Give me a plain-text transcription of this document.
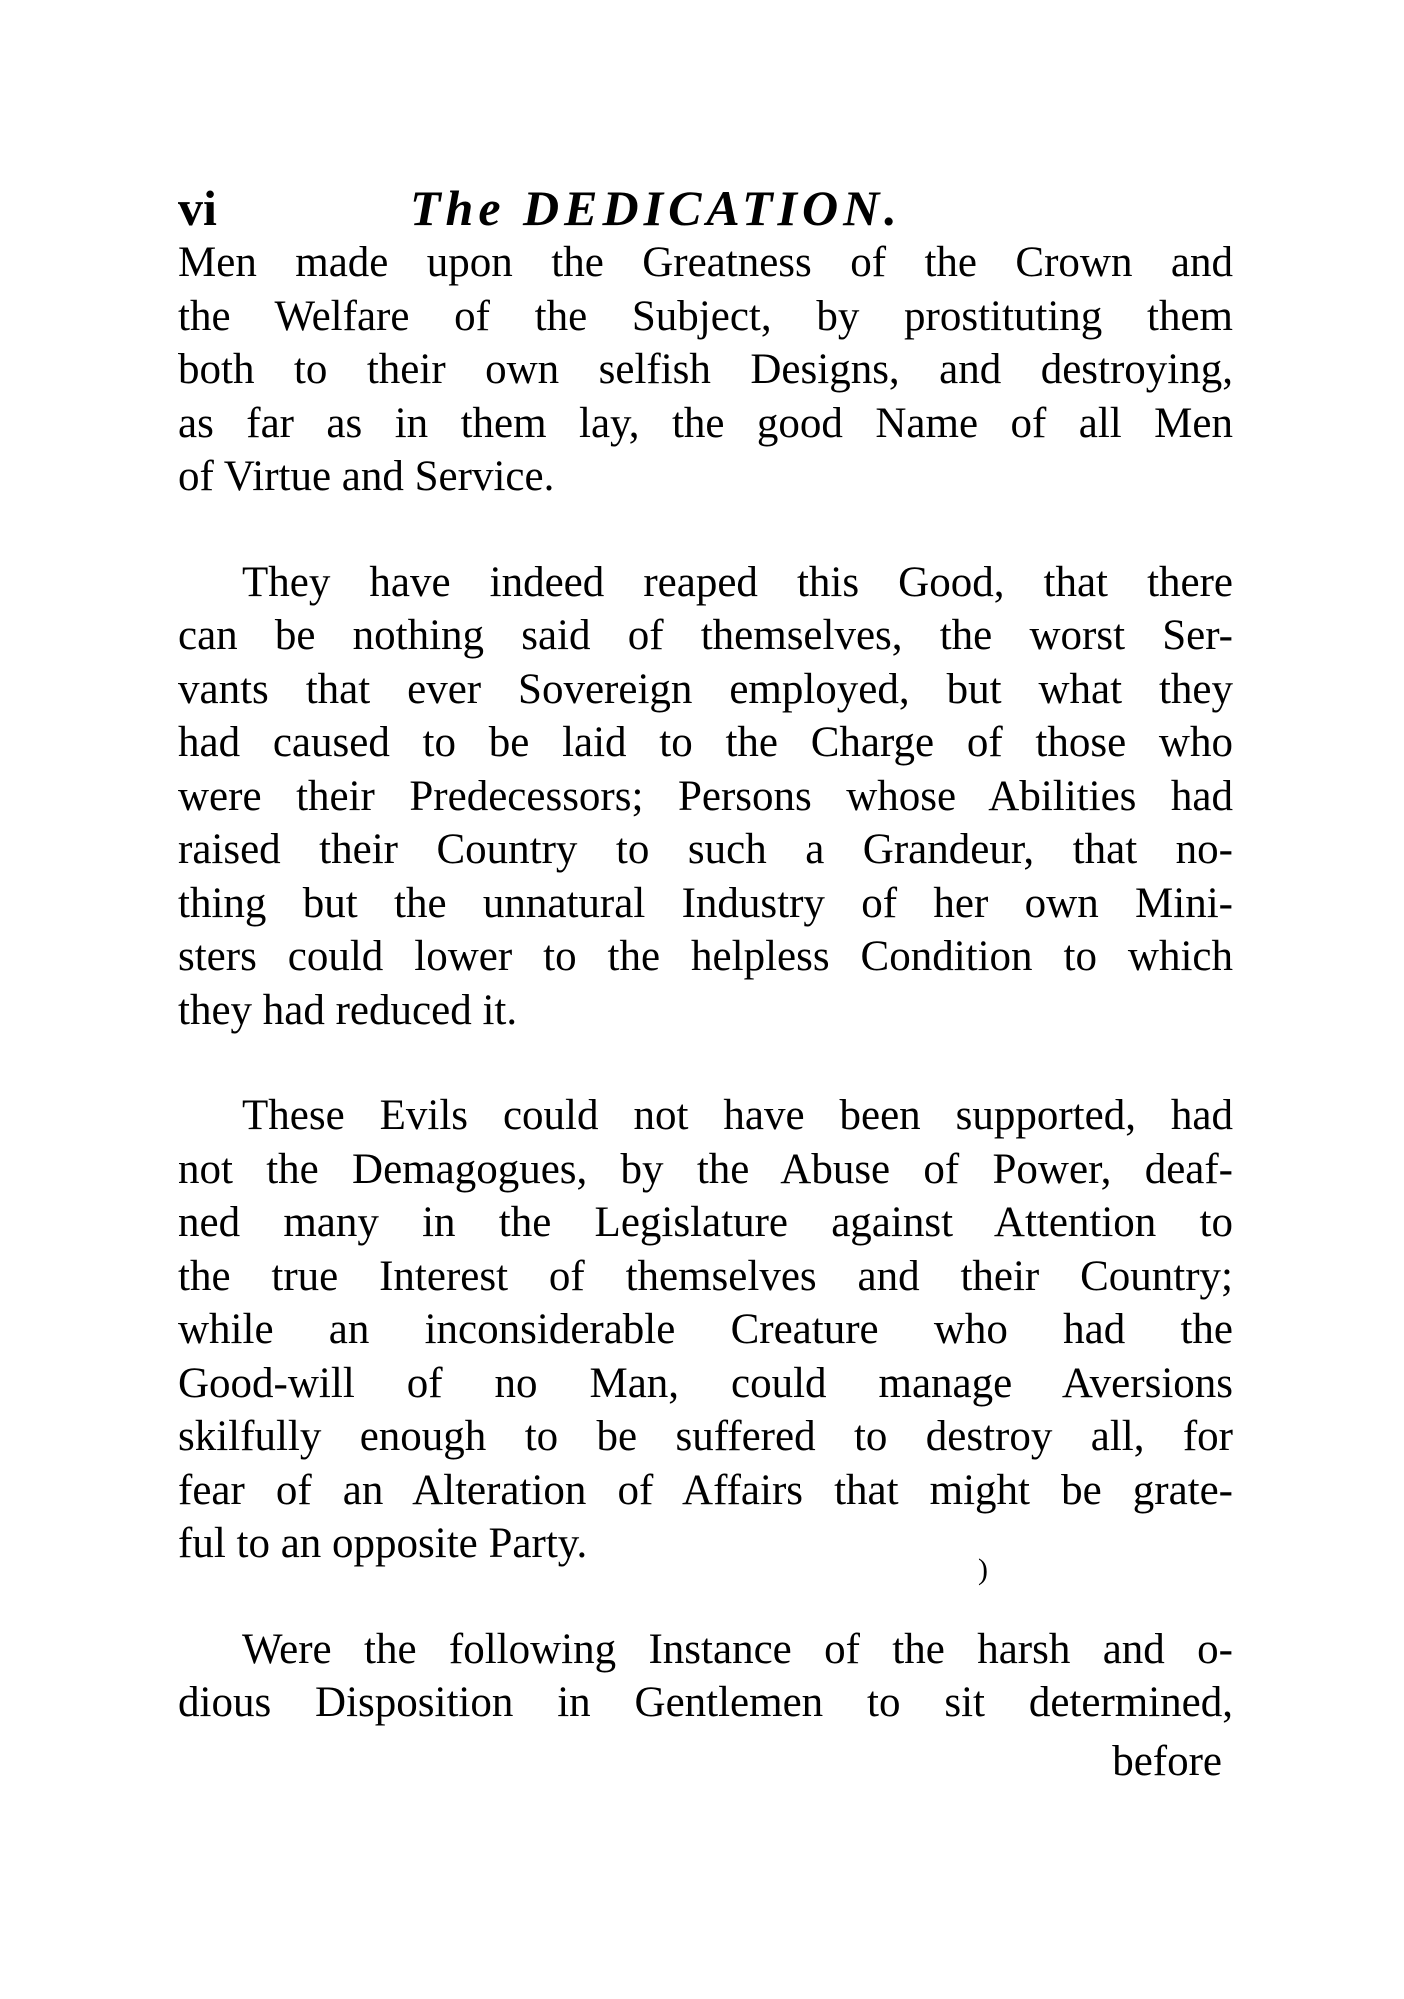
vi	The DEDICATION.
Men made upon the Greatness of the Crown and
the Welfare of the Subject, by prostituting them
both to their own selfish Designs, and destroying,
as far as in them lay, the good Name of all Men
of Virtue and Service.
They have indeed reaped this Good, that there
can be nothing said of themselves, the worst Ser-
vants that ever Sovereign employed, but what they
had caused to be laid to the Charge of those who
were their Predecessors; Persons whose Abilities had
raised their Country to such a Grandeur, that no-
thing but the unnatural Industry of her own Mini-
sters could lower to the helpless Condition to which
they had reduced it.
These Evils could not have been supported, had
not the Demagogues, by the Abuse of Power, deaf-
ned many in the Legislature against Attention to
the true Interest of themselves and their Country;
while an inconsiderable Creature who had the
Good-will of no Man, could manage Aversions
skilfully enough to be suffered to destroy all, for
fear of an Alteration of Affairs that might be grate-
ful to an opposite Party.
Were the following Instance of the harsh and o-
dious Disposition in Gentlemen to sit determined,
)
before
